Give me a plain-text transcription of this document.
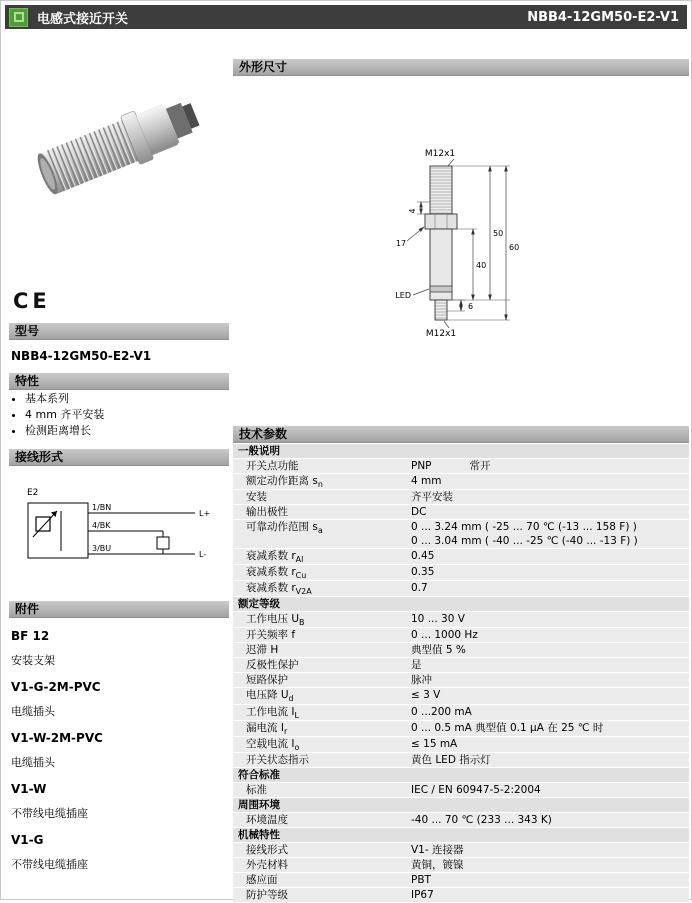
电感式接近开关	NBB4-12GM50-E2-V1
CE
型号
NBB4-12GM50-E2-V1
特性
• 基本系列
• 4 mm 齐平安装
• 检测距离增长
接线形式
E2
1/BN
4/BK
3/BU
L+
L-
附件
BF 12
安装支架
V1-G-2M-PVC
电缆插头
V1-W-2M-PVC
电缆插头
V1-W
不带线电缆插座
V1-G
不带线电缆插座
外形尺寸
M12x1
4
17
LED
6
M12x1
40
50
60
技术参数
一般说明
开关点功能	PNP	常开
额定动作距离 $s_n$	4 mm
安装	齐平安装
输出极性	DC
可靠动作范围 $s_a$	0 ... 3.24 mm ( -25 ... 70 ℃ (-13 ... 158 F) )
0 ... 3.04 mm ( -40 ... -25 ℃ (-40 ... -13 F) )
衰减系数 $r_{Al}$	0.45
衰减系数 $r_{Cu}$	0.35
衰减系数 $r_{V2A}$	0.7
额定等级
工作电压 $U_B$	10 ... 30 V
开关频率 f	0 ... 1000 Hz
迟滞 H	典型值 5 %
反极性保护	是
短路保护	脉冲
电压降 $U_d$	≤ 3 V
工作电流 $I_L$	0 ...200 mA
漏电流 $I_r$	0 ... 0.5 mA 典型值 0.1 μA 在 25 ℃ 时
空载电流 $I_o$	≤ 15 mA
开关状态指示	黄色 LED 指示灯
符合标准
标准	IEC / EN 60947-5-2:2004
周围环境
环境温度	-40 ... 70 ℃ (233 ... 343 K)
机械特性
接线形式	V1- 连接器
外壳材料	黄铜，镀镍
感应面	PBT
防护等级	IP67
